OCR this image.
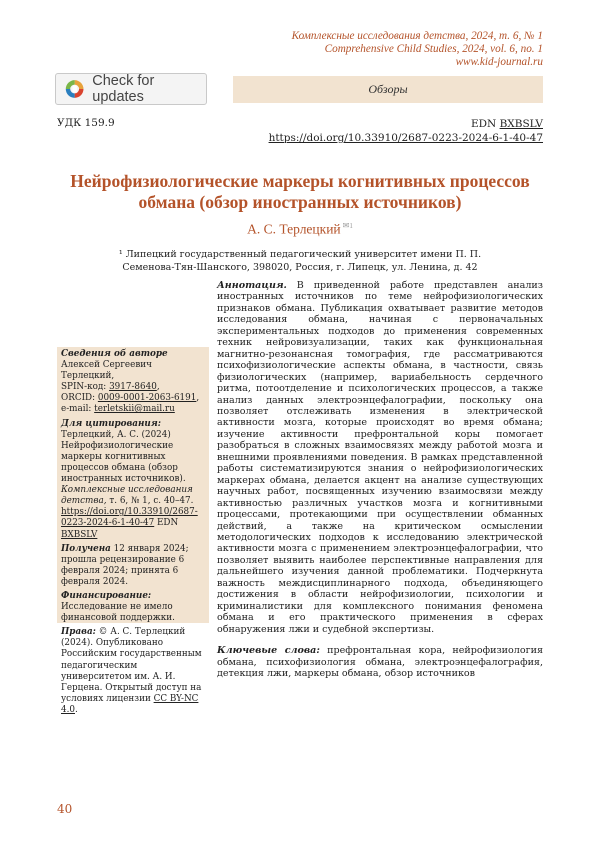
Комплексные исследования детства, 2024, т. 6, № 1
Comprehensive Child Studies, 2024, vol. 6, no. 1
www.kid-journal.ru
Check for updates	Обзоры
УДК 159.9	EDN BXBSLV
https://doi.org/10.33910/2687-0223-2024-6-1-40-47
Нейрофизиологические маркеры когнитивных процессов обмана (обзор иностранных источников)
А. С. Терлецкий $^{✉1}$
¹ Липецкий государственный педагогический университет имени П. П. Семенова-Тян-Шанского, 398020, Россия, г. Липецк, ул. Ленина, д. 42

Сведения об авторе

Алексей Сергеевич Терлецкий,

SPIN-код: 3917-8640,

ORCID: 0009-0001-2063-6191,

e-mail: terletskii@mail.ru

Для цитирования:

Терлецкий, А. С. (2024) Нейрофизиологические маркеры когнитивных процессов обмана (обзор иностранных источников). Комплексные исследования детства, т. 6, № 1, с. 40–47. https://doi.org/10.33910/2687-0223-2024-6-1-40-47 EDN BXBSLV

Получена 12 января 2024; прошла рецензирование 6 февраля 2024; принята 6 февраля 2024.

Финансирование: Исследование не имело финансовой поддержки.

Права: © А. С. Терлецкий (2024). Опубликовано Российским государственным педагогическим университетом им. А. И. Герцена. Открытый доступ на условиях лицензии CC BY-NC 4.0.

Аннотация. В приведенной работе представлен анализ иностранных источников по теме нейрофизиологических признаков обмана. Публикация охватывает развитие методов исследования обмана, начиная с первоначальных экспериментальных подходов до применения современных техник нейровизуализации, таких как функциональная магнитно-резонансная томография, где рассматриваются психофизиологические аспекты обмана, в частности, связь физиологических (например, вариабельность сердечного ритма, потоотделение и психологических процессов, а также анализ данных электроэнцефалографии, поскольку она позволяет отслеживать изменения в электрической активности мозга, которые происходят во время обмана; изучение активности префронтальной коры помогает разобраться в сложных взаимосвязях между работой мозга и внешними проявлениями поведения. В рамках представленной работы систематизируются знания о нейрофизиологических маркерах обмана, делается акцент на анализе существующих научных работ, посвященных изучению взаимосвязи между активностью различных участков мозга и когнитивными процессами, протекающими при осуществлении обманных действий, а также на критическом осмыслении методологических подходов к исследованию электрической активности мозга с применением электроэнцефалографии, что позволяет выявить наиболее перспективные направления для дальнейшего изучения данной проблематики. Подчеркнута важность междисциплинарного подхода, объединяющего достижения в области нейрофизиологии, психологии и криминалистики для комплексного понимания феномена обмана и его практического применения в сферах обнаружения лжи и судебной экспертизы.

Ключевые слова: префронтальная кора, нейрофизиология обмана, психофизиология обмана, электроэнцефалография, детекция лжи, маркеры обмана, обзор источников

40
